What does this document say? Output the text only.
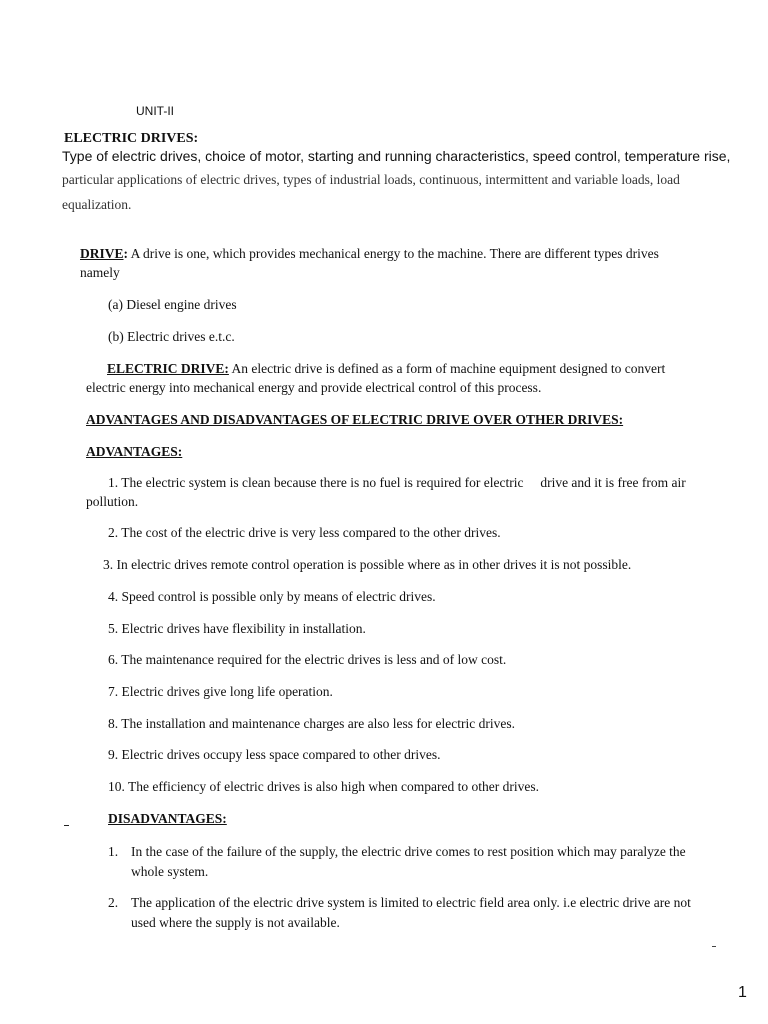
UNIT-II
ELECTRIC DRIVES:
Type of electric drives, choice of motor, starting and running characteristics, speed control, temperature rise,
particular applications of electric drives, types of industrial loads, continuous, intermittent and variable loads, load
equalization.
DRIVE: A drive is one, which provides mechanical energy to the machine. There are different types drives
namely
(a) Diesel engine drives
(b) Electric drives e.t.c.
ELECTRIC DRIVE: An electric drive is defined as a form of machine equipment designed to convert
electric energy into mechanical energy and provide electrical control of this process.
ADVANTAGES AND DISADVANTAGES OF ELECTRIC DRIVE OVER OTHER DRIVES:
ADVANTAGES:
1. The electric system is clean because there is no fuel is required for electric     drive and it is free from air
pollution.
2. The cost of the electric drive is very less compared to the other drives.
3. In electric drives remote control operation is possible where as in other drives it is not possible.
4. Speed control is possible only by means of electric drives.
5. Electric drives have flexibility in installation.
6. The maintenance required for the electric drives is less and of low cost.
7. Electric drives give long life operation.
8. The installation and maintenance charges are also less for electric drives.
9. Electric drives occupy less space compared to other drives.
10. The efficiency of electric drives is also high when compared to other drives.
DISADVANTAGES:
1. In the case of the failure of the supply, the electric drive comes to rest position which may paralyze the whole system.
2. The application of the electric drive system is limited to electric field area only. i.e electric drive are not used where the supply is not available.
1
